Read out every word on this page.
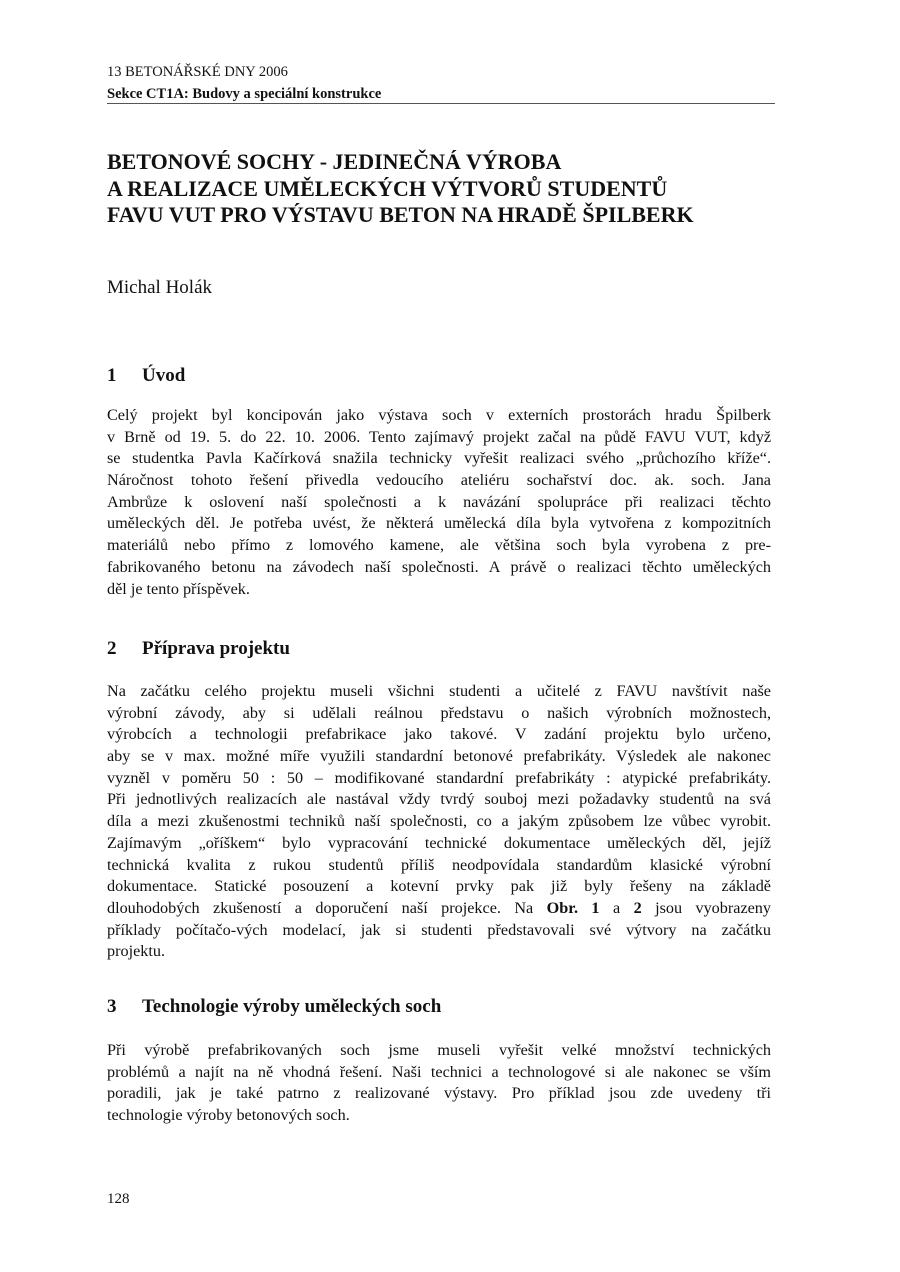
13 BETONÁŘSKÉ DNY 2006
Sekce CT1A: Budovy a speciální konstrukce
BETONOVÉ SOCHY - JEDINEČNÁ VÝROBA
A REALIZACE UMĚLECKÝCH VÝTVORŮ STUDENTŮ
FAVU VUT PRO VÝSTAVU BETON NA HRADĚ ŠPILBERK
Michal Holák
1 Úvod
Celý projekt byl koncipován jako výstava soch v externích prostorách hradu Špilberk
v Brně od 19. 5. do 22. 10. 2006. Tento zajímavý projekt začal na půdě FAVU VUT, když
se studentka Pavla Kačírková snažila technicky vyřešit realizaci svého „průchozího kříže“.
Náročnost tohoto řešení přivedla vedoucího ateliéru sochařství doc. ak. soch. Jana
Ambrůze k oslovení naší společnosti a k navázání spolupráce při realizaci těchto
uměleckých děl. Je potřeba uvést, že některá umělecká díla byla vytvořena z kompozitních
materiálů nebo přímo z lomového kamene, ale většina soch byla vyrobena z pre-
fabrikovaného betonu na závodech naší společnosti. A právě o realizaci těchto uměleckých
děl je tento příspěvek.
2 Příprava projektu
Na začátku celého projektu museli všichni studenti a učitelé z FAVU navštívit naše
výrobní závody, aby si udělali reálnou představu o našich výrobních možnostech,
výrobcích a technologii prefabrikace jako takové. V zadání projektu bylo určeno,
aby se v max. možné míře využili standardní betonové prefabrikáty. Výsledek ale nakonec
vyzněl v poměru 50 : 50 – modifikované standardní prefabrikáty : atypické prefabrikáty.
Při jednotlivých realizacích ale nastával vždy tvrdý souboj mezi požadavky studentů na svá
díla a mezi zkušenostmi techniků naší společnosti, co a jakým způsobem lze vůbec vyrobit.
Zajímavým „oříškem“ bylo vypracování technické dokumentace uměleckých děl, jejíž
technická kvalita z rukou studentů příliš neodpovídala standardům klasické výrobní
dokumentace. Statické posouzení a kotevní prvky pak již byly řešeny na základě
dlouhodobých zkušeností a doporučení naší projekce. Na Obr. 1 a 2 jsou vyobrazeny
příklady počítačo-vých modelací, jak si studenti představovali své výtvory na začátku
projektu.
3 Technologie výroby uměleckých soch
Při výrobě prefabrikovaných soch jsme museli vyřešit velké množství technických
problémů a najít na ně vhodná řešení. Naši technici a technologové si ale nakonec se vším
poradili, jak je také patrno z realizované výstavy. Pro příklad jsou zde uvedeny tři
technologie výroby betonových soch.
128
